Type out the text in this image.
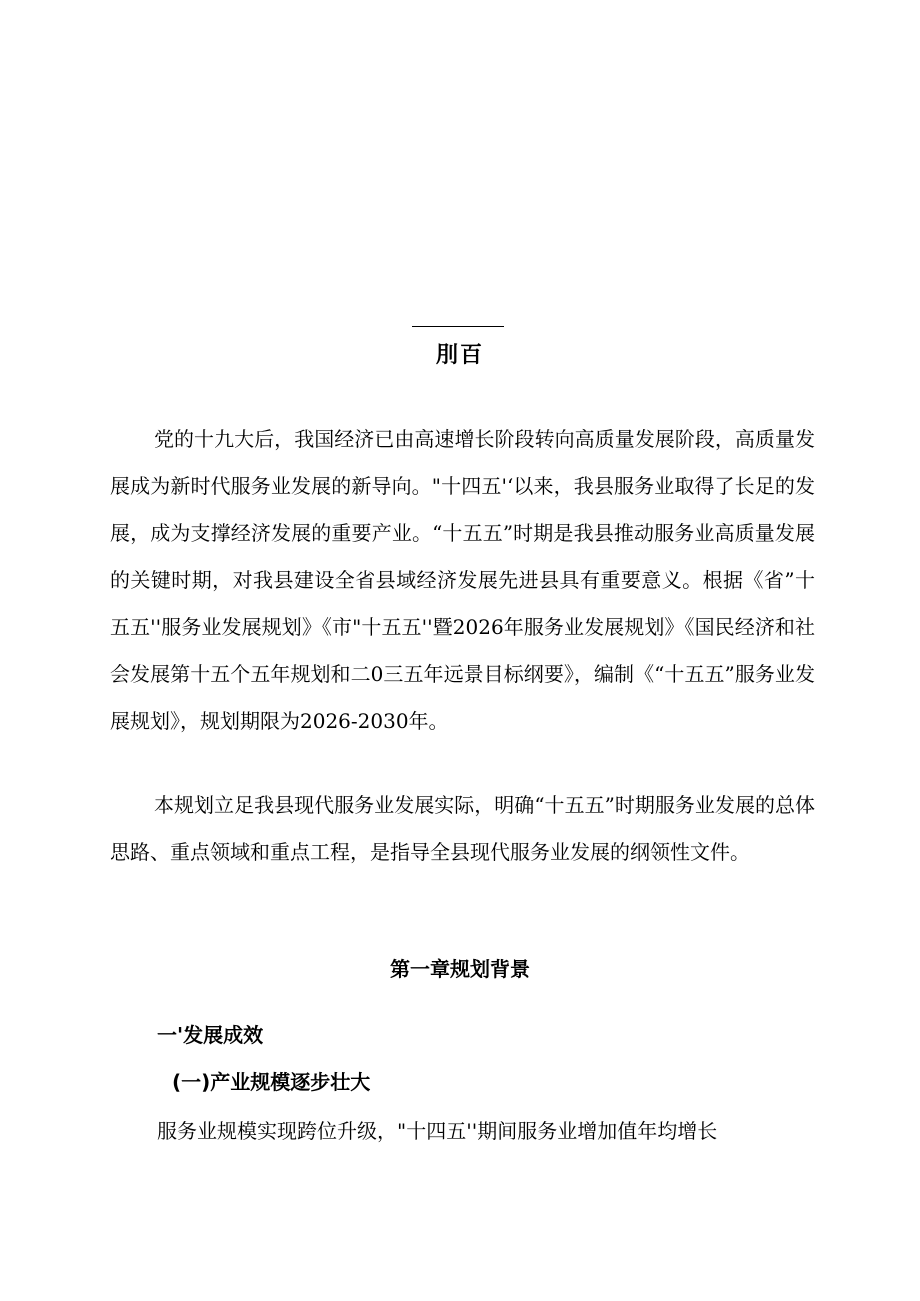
刖百

党的十九大后，我国经济已由高速增长阶段转向高质量发展阶段，高质量发展成为新时代服务业发展的新导向。"十四五'‘以来，我县服务业取得了长足的发展，成为支撑经济发展的重要产业。“十五五”时期是我县推动服务业高质量发展的关键时期，对我县建设全省县域经济发展先进县具有重要意义。根据《省”十五五''服务业发展规划》《市"十五五''暨2026年服务业发展规划》《国民经济和社会发展第十五个五年规划和二0三五年远景目标纲要》，编制《“十五五”服务业发展规划》，规划期限为2026-2030年。

本规划立足我县现代服务业发展实际，明确“十五五”时期服务业发展的总体思路、重点领域和重点工程，是指导全县现代服务业发展的纲领性文件。

第一章规划背景
一'发展成效
(一)产业规模逐步壮大
服务业规模实现跨位升级，"十四五''期间服务业增加值年均增长
